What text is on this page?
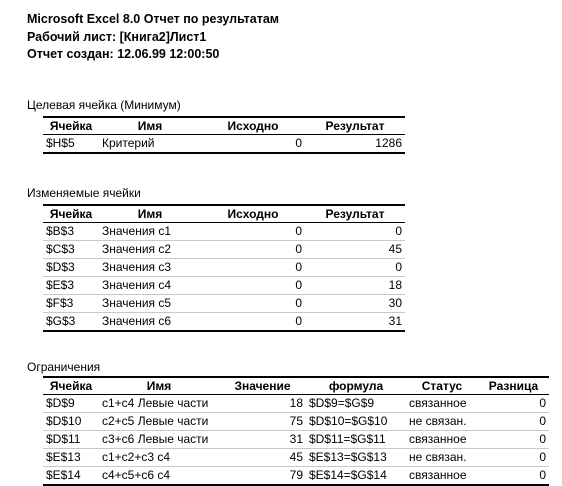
Microsoft Excel 8.0 Отчет по результатам
Рабочий лист: [Книга2]Лист1
Отчет создан: 12.06.99 12:00:50
Целевая ячейка (Минимум)
Ячейка	Имя	Исходно	Результат
$H$5	Критерий	0	1286
Изменяемые ячейки
Ячейка	Имя	Исходно	Результат
$B$3	Значения с1	0	0
$C$3	Значения с2	0	45
$D$3	Значения с3	0	0
$E$3	Значения с4	0	18
$F$3	Значения с5	0	30
$G$3	Значения с6	0	31
Ограничения
Ячейка	Имя	Значение	формула	Статус	Разница
$D$9	c1+c4 Левые части	18 $D$9=$G$9	связанное	0
$D$10	c2+c5 Левые части	75 $D$10=$G$10	не связан.	0
$D$11	c3+c6 Левые части	31 $D$11=$G$11	связанное	0
$E$13	c1+c2+c3 c4	45 $E$13=$G$13	не связан.	0
$E$14	c4+c5+c6 c4	79 $E$14=$G$14	связанное	0
